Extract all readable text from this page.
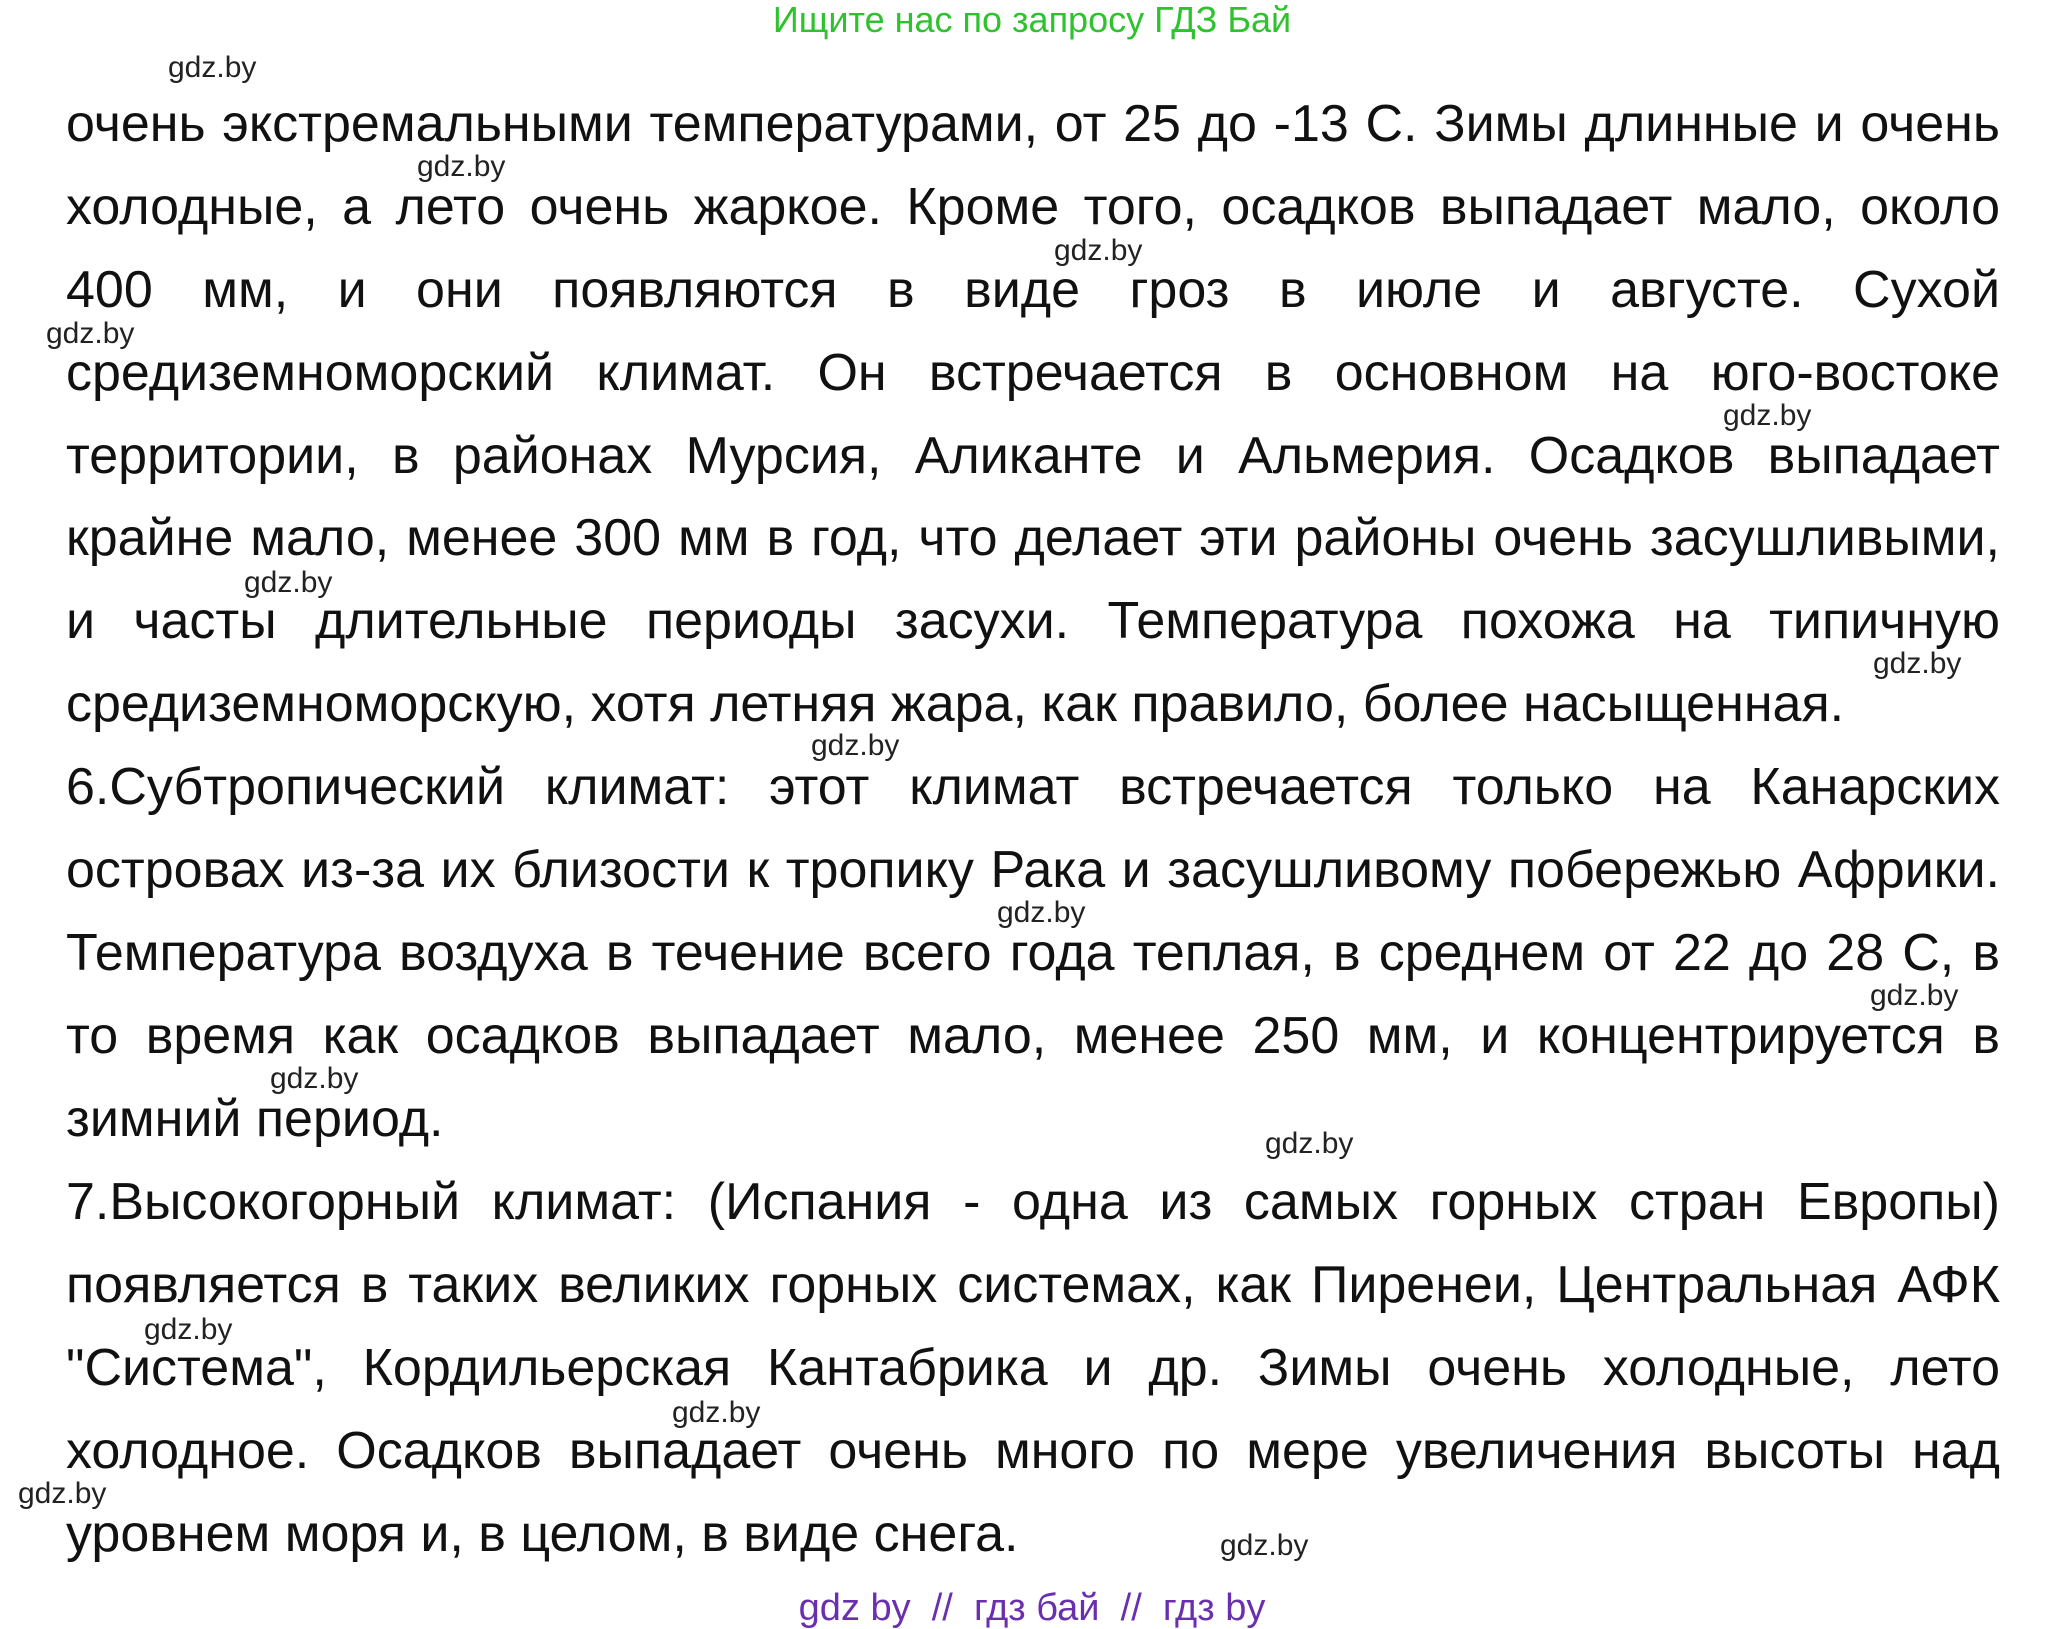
Ищите нас по запросу ГДЗ Бай
очень экстремальными температурами, от 25 до -13 С. Зимы длинные и очень
холодные, а лето очень жаркое. Кроме того, осадков выпадает мало, около
400 мм, и они появляются в виде гроз в июле и августе. Сухой
средиземноморский климат. Он встречается в основном на юго-востоке
территории, в районах Мурсия, Аликанте и Альмерия. Осадков выпадает
крайне мало, менее 300 мм в год, что делает эти районы очень засушливыми,
и часты длительные периоды засухи. Температура похожа на типичную
средиземноморскую, хотя летняя жара, как правило, более насыщенная.
6.Субтропический климат: этот климат встречается только на Канарских
островах из-за их близости к тропику Рака и засушливому побережью Африки.
Температура воздуха в течение всего года теплая, в среднем от 22 до 28 С, в
то время как осадков выпадает мало, менее 250 мм, и концентрируется в
зимний период.
7.Высокогорный климат: (Испания - одна из самых горных стран Европы)
появляется в таких великих горных системах, как Пиренеи, Центральная АФК
"Система", Кордильерская Кантабрика и др. Зимы очень холодные, лето
холодное. Осадков выпадает очень много по мере увеличения высоты над
уровнем моря и, в целом, в виде снега.
gdz.by
gdz.by
gdz.by
gdz.by
gdz.by
gdz.by
gdz.by
gdz.by
gdz.by
gdz.by
gdz.by
gdz.by
gdz.by
gdz.by
gdz.by
gdz.by
gdz by  //  гдз бай  //  гдз by
